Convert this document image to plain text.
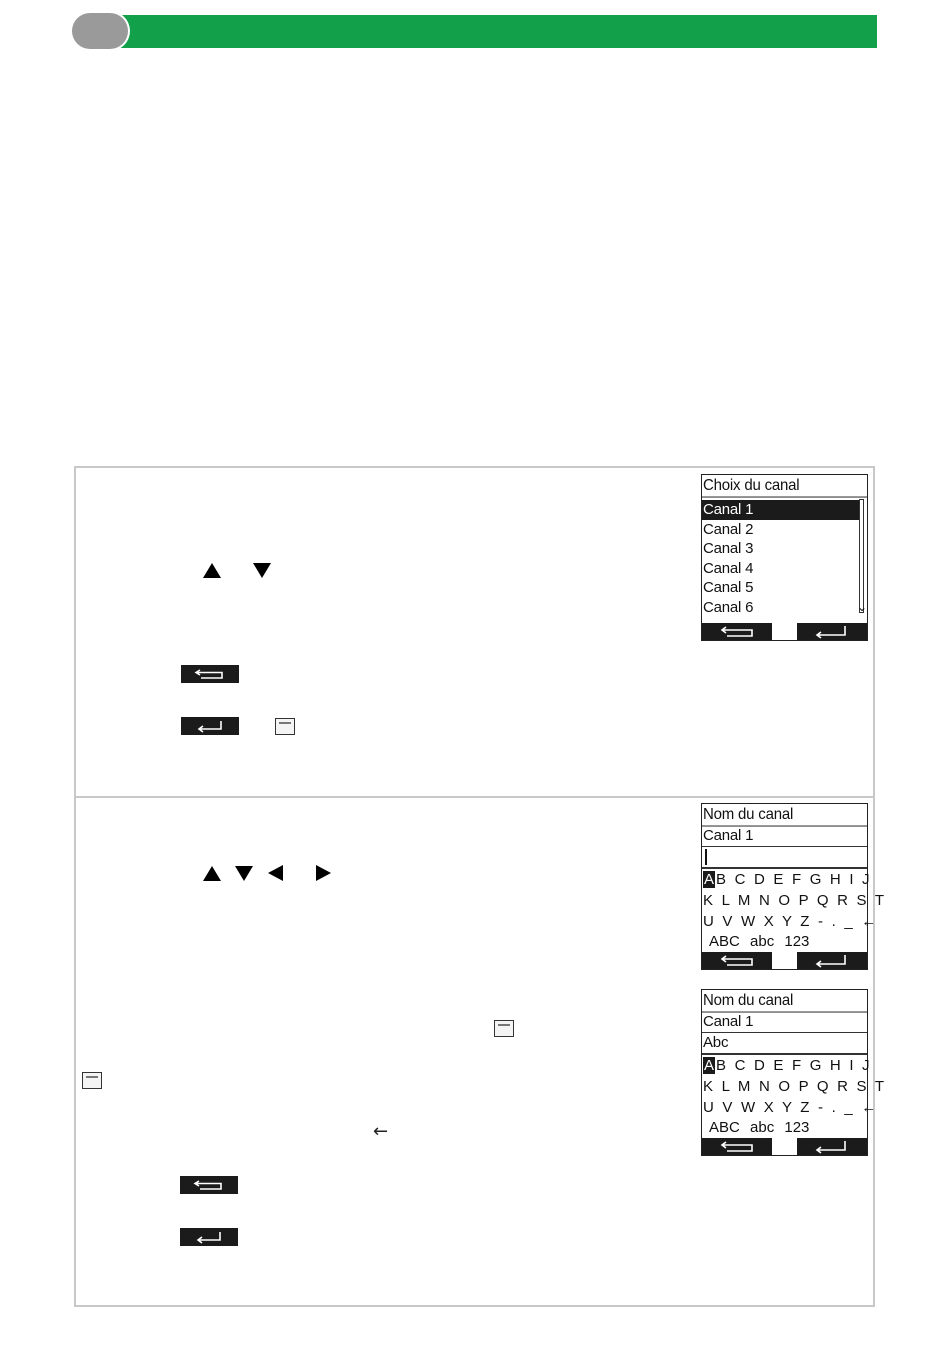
Choix du canal
Canal 1
Canal 2
Canal 3
Canal 4
Canal 5
Canal 6	⌄
←
Nom du canal
Canal 1
A B C D E F G H I J
K L M N O P Q R S T
U V W X Y Z - . _ ←
ABC abc 123
Nom du canal
Canal 1
Abc
A B C D E F G H I J
K L M N O P Q R S T
U V W X Y Z - . _ ←
ABC abc 123
